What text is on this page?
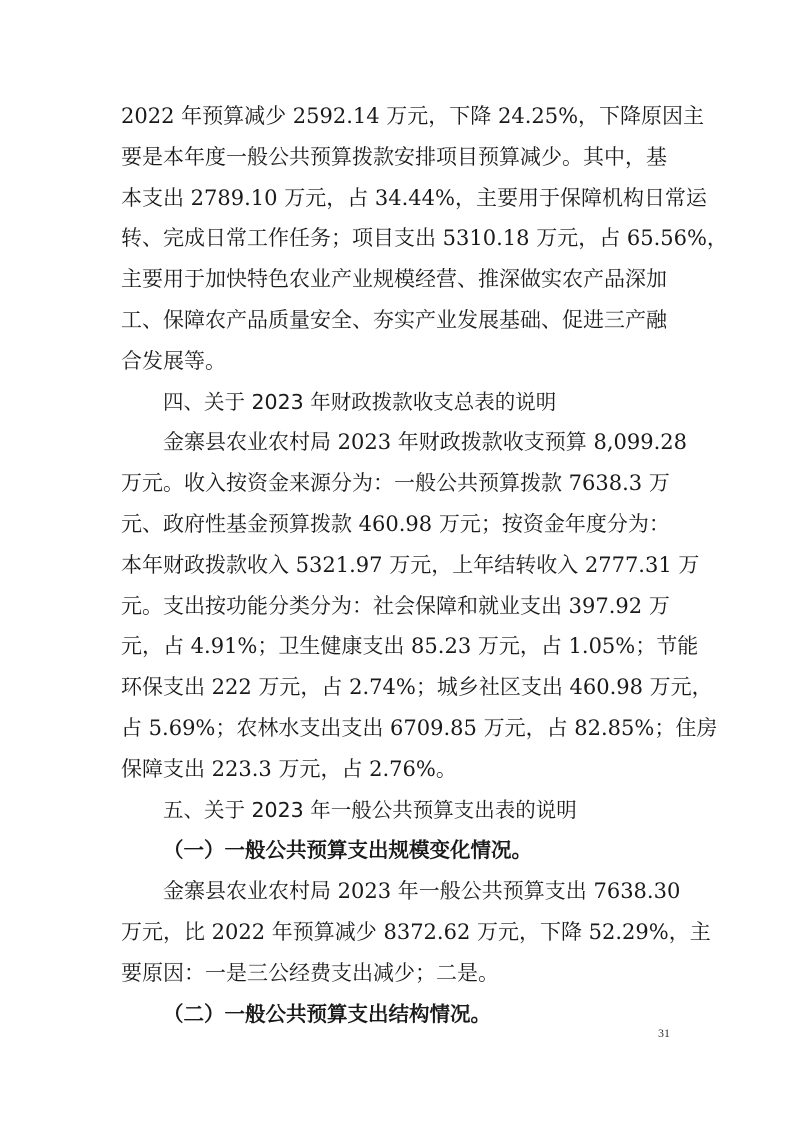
2022 年预算减少 2592.14 万元，下降 24.25%，下降原因主
要是本年度一般公共预算拨款安排项目预算减少。其中，基
本支出 2789.10 万元，占 34.44%，主要用于保障机构日常运
转、完成日常工作任务；项目支出 5310.18 万元，占 65.56%，
主要用于加快特色农业产业规模经营、推深做实农产品深加
工、保障农产品质量安全、夯实产业发展基础、促进三产融
合发展等。
四、关于 2023 年财政拨款收支总表的说明
金寨县农业农村局 2023 年财政拨款收支预算 8,099.28
万元。收入按资金来源分为：一般公共预算拨款 7638.3 万
元、政府性基金预算拨款 460.98 万元；按资金年度分为：
本年财政拨款收入 5321.97 万元，上年结转收入 2777.31 万
元。支出按功能分类分为：社会保障和就业支出 397.92 万
元，占 4.91%；卫生健康支出 85.23 万元，占 1.05%；节能
环保支出 222 万元，占 2.74%；城乡社区支出 460.98 万元，
占 5.69%；农林水支出支出 6709.85 万元，占 82.85%；住房
保障支出 223.3 万元，占 2.76%。
五、关于 2023 年一般公共预算支出表的说明
（一）一般公共预算支出规模变化情况。
金寨县农业农村局 2023 年一般公共预算支出 7638.30
万元，比 2022 年预算减少 8372.62 万元，下降 52.29%，主
要原因：一是三公经费支出减少；二是。
（二）一般公共预算支出结构情况。
31
